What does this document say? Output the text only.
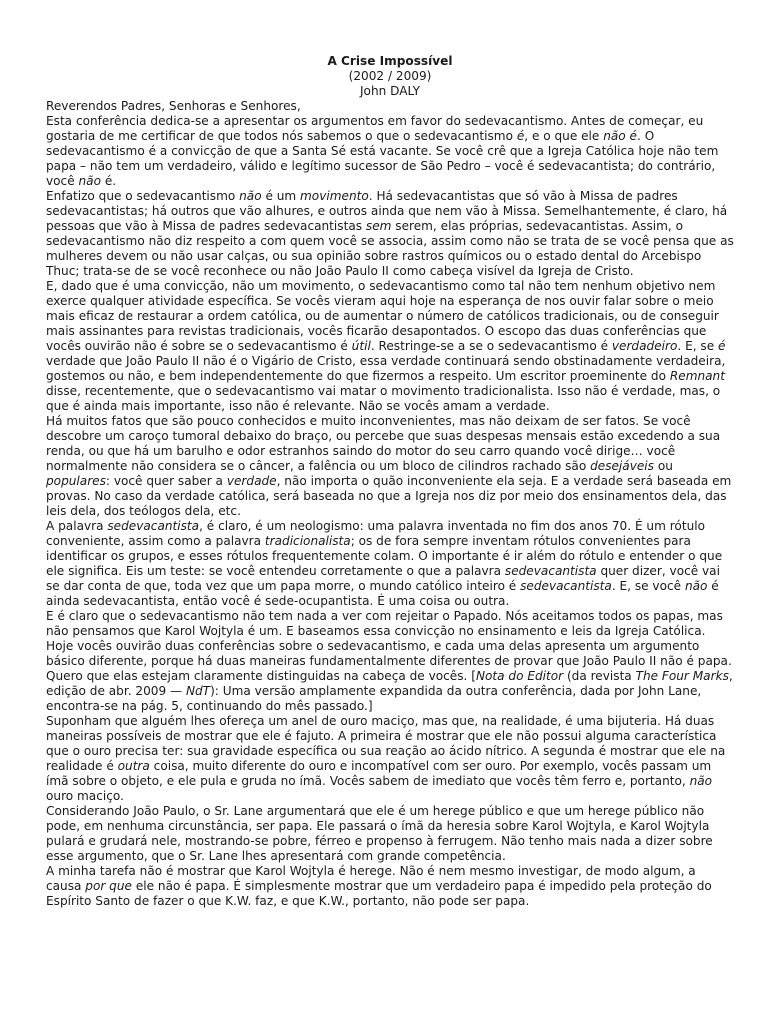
A Crise Impossível

(2002 / 2009)

John DALY

Reverendos Padres, Senhoras e Senhores,

Esta conferência dedica-se a apresentar os argumentos em favor do sedevacantismo. Antes de começar, eu gostaria de me certificar de que todos nós sabemos o que o sedevacantismo é, e o que ele não é. O sedevacantismo é a convicção de que a Santa Sé está vacante. Se você crê que a Igreja Católica hoje não tem papa – não tem um verdadeiro, válido e legítimo sucessor de São Pedro – você é sedevacantista; do contrário, você não é.

Enfatizo que o sedevacantismo não é um movimento. Há sedevacantistas que só vão à Missa de padres sedevacantistas; há outros que vão alhures, e outros ainda que nem vão à Missa. Semelhantemente, é claro, há pessoas que vão à Missa de padres sedevacantistas sem serem, elas próprias, sedevacantistas. Assim, o sedevacantismo não diz respeito a com quem você se associa, assim como não se trata de se você pensa que as mulheres devem ou não usar calças, ou sua opinião sobre rastros químicos ou o estado dental do Arcebispo Thuc; trata-se de se você reconhece ou não João Paulo II como cabeça visível da Igreja de Cristo.

E, dado que é uma convicção, não um movimento, o sedevacantismo como tal não tem nenhum objetivo nem exerce qualquer atividade específica. Se vocês vieram aqui hoje na esperança de nos ouvir falar sobre o meio mais eficaz de restaurar a ordem católica, ou de aumentar o número de católicos tradicionais, ou de conseguir mais assinantes para revistas tradicionais, vocês ficarão desapontados. O escopo das duas conferências que vocês ouvirão não é sobre se o sedevacantismo é útil. Restringe-se a se o sedevacantismo é verdadeiro. E, se é verdade que João Paulo II não é o Vigário de Cristo, essa verdade continuará sendo obstinadamente verdadeira, gostemos ou não, e bem independentemente do que fizermos a respeito. Um escritor proeminente do Remnant disse, recentemente, que o sedevacantismo vai matar o movimento tradicionalista. Isso não é verdade, mas, o que é ainda mais importante, isso não é relevante. Não se vocês amam a verdade.

Há muitos fatos que são pouco conhecidos e muito inconvenientes, mas não deixam de ser fatos. Se você descobre um caroço tumoral debaixo do braço, ou percebe que suas despesas mensais estão excedendo a sua renda, ou que há um barulho e odor estranhos saindo do motor do seu carro quando você dirige… você normalmente não considera se o câncer, a falência ou um bloco de cilindros rachado são desejáveis ou populares: você quer saber a verdade, não importa o quão inconveniente ela seja. E a verdade será baseada em provas. No caso da verdade católica, será baseada no que a Igreja nos diz por meio dos ensinamentos dela, das leis dela, dos teólogos dela, etc.

A palavra sedevacantista, é claro, é um neologismo: uma palavra inventada no fim dos anos 70. É um rótulo conveniente, assim como a palavra tradicionalista; os de fora sempre inventam rótulos convenientes para identificar os grupos, e esses rótulos frequentemente colam. O importante é ir além do rótulo e entender o que ele significa. Eis um teste: se você entendeu corretamente o que a palavra sedevacantista quer dizer, você vai se dar conta de que, toda vez que um papa morre, o mundo católico inteiro é sedevacantista. E, se você não é ainda sedevacantista, então você é sede-ocupantista. É uma coisa ou outra.

E é claro que o sedevacantismo não tem nada a ver com rejeitar o Papado. Nós aceitamos todos os papas, mas não pensamos que Karol Wojtyla é um. E baseamos essa convicção no ensinamento e leis da Igreja Católica.

Hoje vocês ouvirão duas conferências sobre o sedevacantismo, e cada uma delas apresenta um argumento básico diferente, porque há duas maneiras fundamentalmente diferentes de provar que João Paulo II não é papa. Quero que elas estejam claramente distinguidas na cabeça de vocês. [Nota do Editor (da revista The Four Marks, edição de abr. 2009 — NdT): Uma versão amplamente expandida da outra conferência, dada por John Lane, encontra-se na pág. 5, continuando do mês passado.]

Suponham que alguém lhes ofereça um anel de ouro maciço, mas que, na realidade, é uma bijuteria. Há duas maneiras possíveis de mostrar que ele é fajuto. A primeira é mostrar que ele não possui alguma característica que o ouro precisa ter: sua gravidade específica ou sua reação ao ácido nítrico. A segunda é mostrar que ele na realidade é outra coisa, muito diferente do ouro e incompatível com ser ouro. Por exemplo, vocês passam um ímã sobre o objeto, e ele pula e gruda no ímã. Vocês sabem de imediato que vocês têm ferro e, portanto, não ouro maciço.

Considerando João Paulo, o Sr. Lane argumentará que ele é um herege público e que um herege público não pode, em nenhuma circunstância, ser papa. Ele passará o ímã da heresia sobre Karol Wojtyla, e Karol Wojtyla pulará e grudará nele, mostrando-se pobre, férreo e propenso à ferrugem. Não tenho mais nada a dizer sobre esse argumento, que o Sr. Lane lhes apresentará com grande competência.

A minha tarefa não é mostrar que Karol Wojtyla é herege. Não é nem mesmo investigar, de modo algum, a causa por que ele não é papa. É simplesmente mostrar que um verdadeiro papa é impedido pela proteção do Espírito Santo de fazer o que K.W. faz, e que K.W., portanto, não pode ser papa.
